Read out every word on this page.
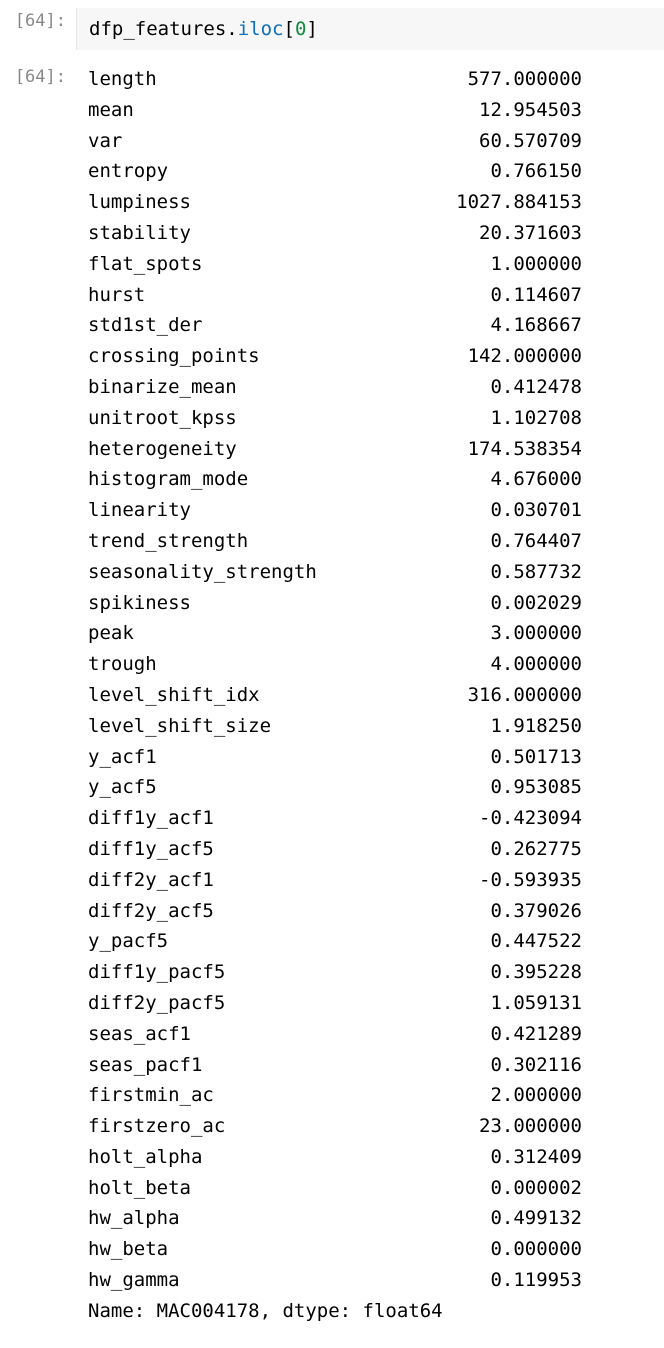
[64]:	dfp_features.iloc[0]
[64]:	length	577.000000
mean	12.954503
var	60.570709
entropy	0.766150
lumpiness	1027.884153
stability	20.371603
flat_spots	1.000000
hurst	0.114607
std1st_der	4.168667
crossing_points	142.000000
binarize_mean	0.412478
unitroot_kpss	1.102708
heterogeneity	174.538354
histogram_mode	4.676000
linearity	0.030701
trend_strength	0.764407
seasonality_strength	0.587732
spikiness	0.002029
peak	3.000000
trough	4.000000
level_shift_idx	316.000000
level_shift_size	1.918250
y_acf1	0.501713
y_acf5	0.953085
diff1y_acf1	-0.423094
diff1y_acf5	0.262775
diff2y_acf1	-0.593935
diff2y_acf5	0.379026
y_pacf5	0.447522
diff1y_pacf5	0.395228
diff2y_pacf5	1.059131
seas_acf1	0.421289
seas_pacf1	0.302116
firstmin_ac	2.000000
firstzero_ac	23.000000
holt_alpha	0.312409
holt_beta	0.000002
hw_alpha	0.499132
hw_beta	0.000000
hw_gamma	0.119953
Name: MAC004178, dtype: float64
